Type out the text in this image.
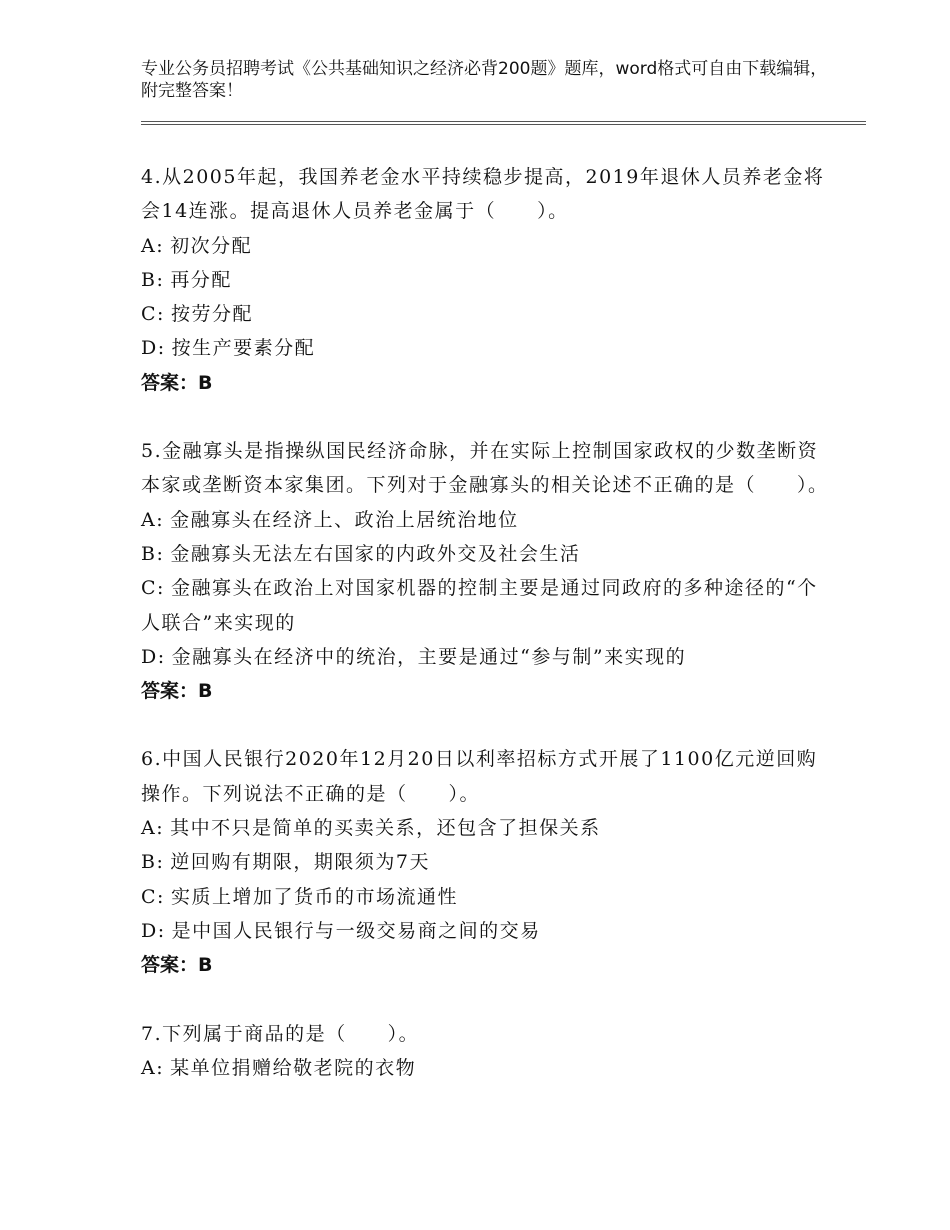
专业公务员招聘考试《公共基础知识之经济必背200题》题库，word格式可自由下载编辑，附完整答案！

4.从2005年起，我国养老金水平持续稳步提高，2019年退休人员养老金将会14连涨。提高退休人员养老金属于（　　）。

A: 初次分配

B: 再分配

C: 按劳分配

D: 按生产要素分配

答案：B

5.金融寡头是指操纵国民经济命脉，并在实际上控制国家政权的少数垄断资本家或垄断资本家集团。下列对于金融寡头的相关论述不正确的是（　　）。

A: 金融寡头在经济上、政治上居统治地位

B: 金融寡头无法左右国家的内政外交及社会生活

C: 金融寡头在政治上对国家机器的控制主要是通过同政府的多种途径的“个人联合”来实现的

D: 金融寡头在经济中的统治，主要是通过“参与制”来实现的

答案：B

6.中国人民银行2020年12月20日以利率招标方式开展了1100亿元逆回购操作。下列说法不正确的是（　　）。

A: 其中不只是简单的买卖关系，还包含了担保关系

B: 逆回购有期限，期限须为7天

C: 实质上增加了货币的市场流通性

D: 是中国人民银行与一级交易商之间的交易

答案：B

7.下列属于商品的是（　　）。

A: 某单位捐赠给敬老院的衣物
